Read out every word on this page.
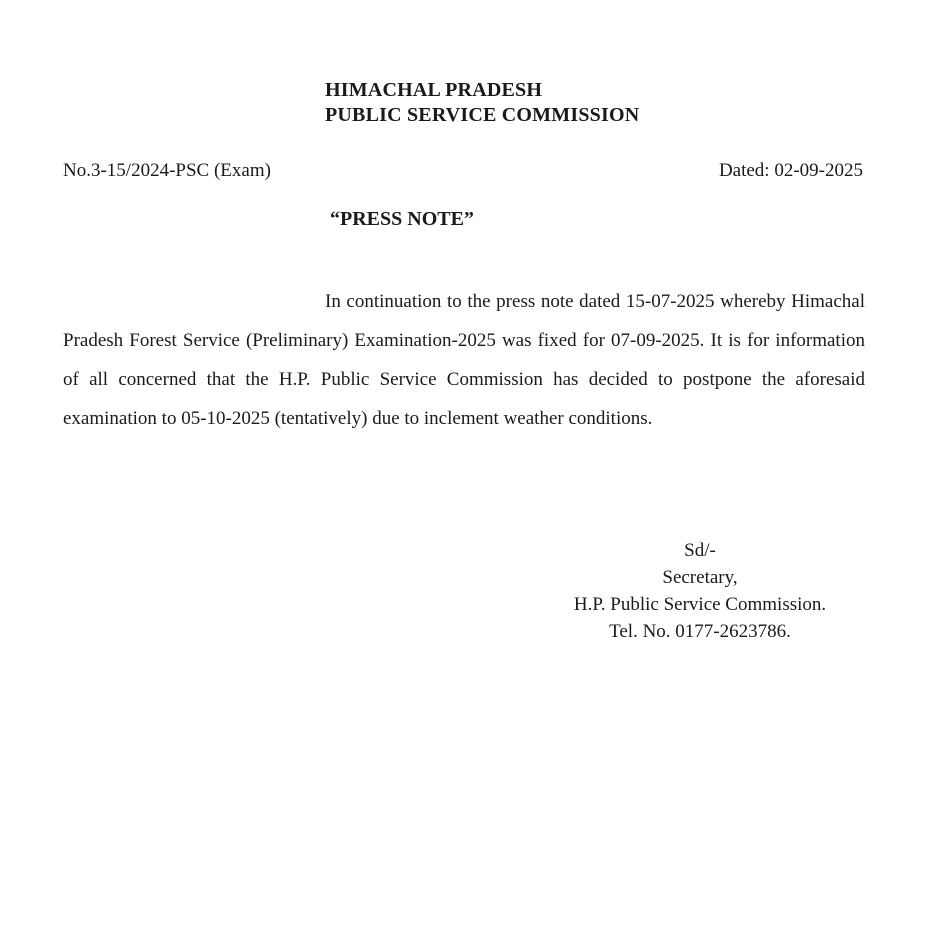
HIMACHAL PRADESH
PUBLIC SERVICE COMMISSION
No.3-15/2024-PSC (Exam)	Dated: 02-09-2025
“PRESS NOTE”

In continuation to the press note dated 15-07-2025 whereby Himachal Pradesh Forest Service (Preliminary) Examination-2025 was fixed for 07-09-2025. It is for information of all concerned that the H.P. Public Service Commission has decided to postpone the aforesaid examination to 05-10-2025 (tentatively) due to inclement weather conditions.

Sd/-
Secretary,
H.P. Public Service Commission.
Tel. No. 0177-2623786.
